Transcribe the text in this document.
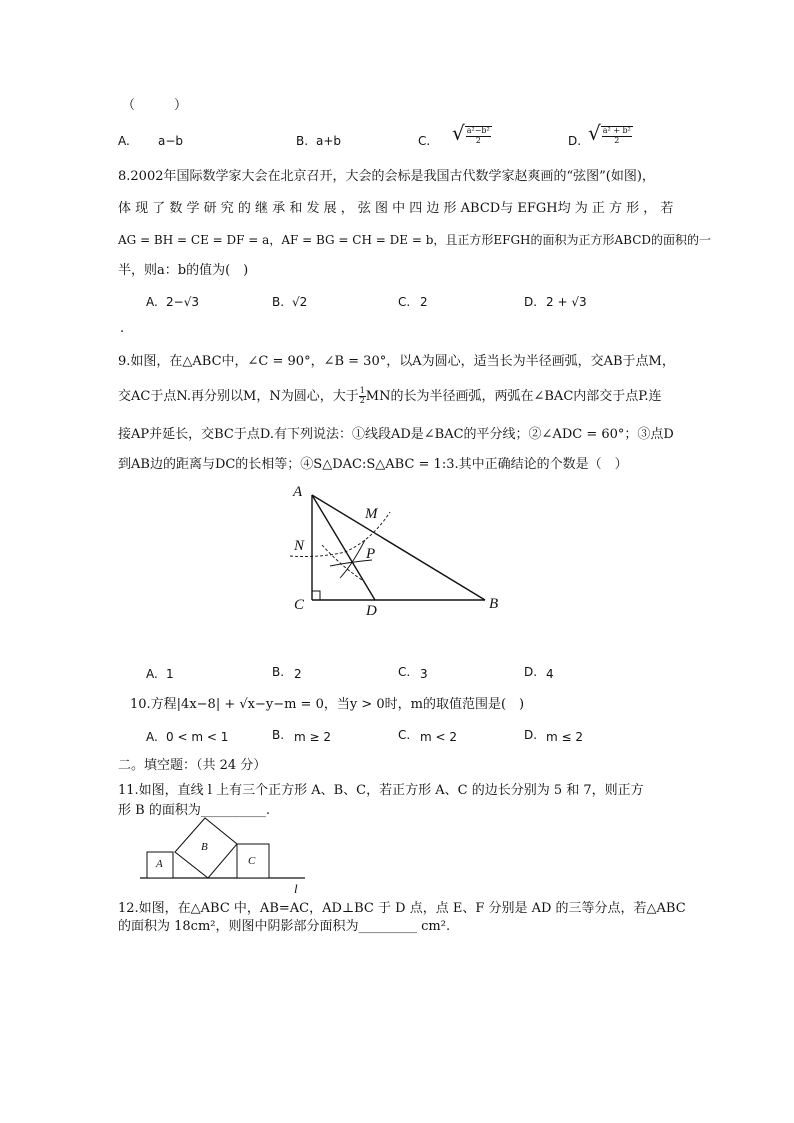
（　　　）
A. a−b	B. a+b	C. √ $\frac{\text{a²−b²}}{2}$	D. √ $\frac{\text{a² + b²}}{2}$
8.2002年国际数学家大会在北京召开，大会的会标是我国古代数学家赵爽画的“弦图”(如图)，
体 现 了 数 学 研 究 的 继 承 和 发 展 ， 弦 图 中 四 边 形 ABCD与 EFGH均 为 正 方 形 ， 若
AG = BH = CE = DF = a，AF = BG = CH = DE = b，且正方形EFGH的面积为正方形ABCD的面积的一
半，则a：b的值为(　)
A. 2−√3	B. √2	C. 2	D. 2 + √3
.
9.如图，在△ABC中，∠C = 90°，∠B = 30°，以A为圆心，适当长为半径画弧，交AB于点M，
交AC于点N.再分别以M，N为圆心，大于 $\frac{1}{2}$ MN的长为半径画弧，两弧在∠BAC内部交于点P.连
接AP并延长，交BC于点D.有下列说法：①线段AD是∠BAC的平分线；②∠ADC = 60°；③点D
到AB边的距离与DC的长相等；④S△DAC:S△ABC = 1:3.其中正确结论的个数是（　）
A
M
N	P
C	D	B
A. 1	B. 2	C. 3	D. 4
10.方程|4x−8| + √x−y−m = 0，当y > 0时，m的取值范围是(　)
A. 0 < m < 1	B. m ≥ 2	C. m < 2	D. m ≤ 2
二。填空题：（共 24 分）
11.如图，直线 l 上有三个正方形 A、B、C，若正方形 A、C 的边长分别为 5 和 7，则正方
形 B 的面积为__________.
A
B
C
l
12.如图，在△ABC 中，AB=AC，AD⊥BC 于 D 点，点 E、F 分别是 AD 的三等分点，若△ABC
的面积为 18cm²，则图中阴影部分面积为_________ cm².
